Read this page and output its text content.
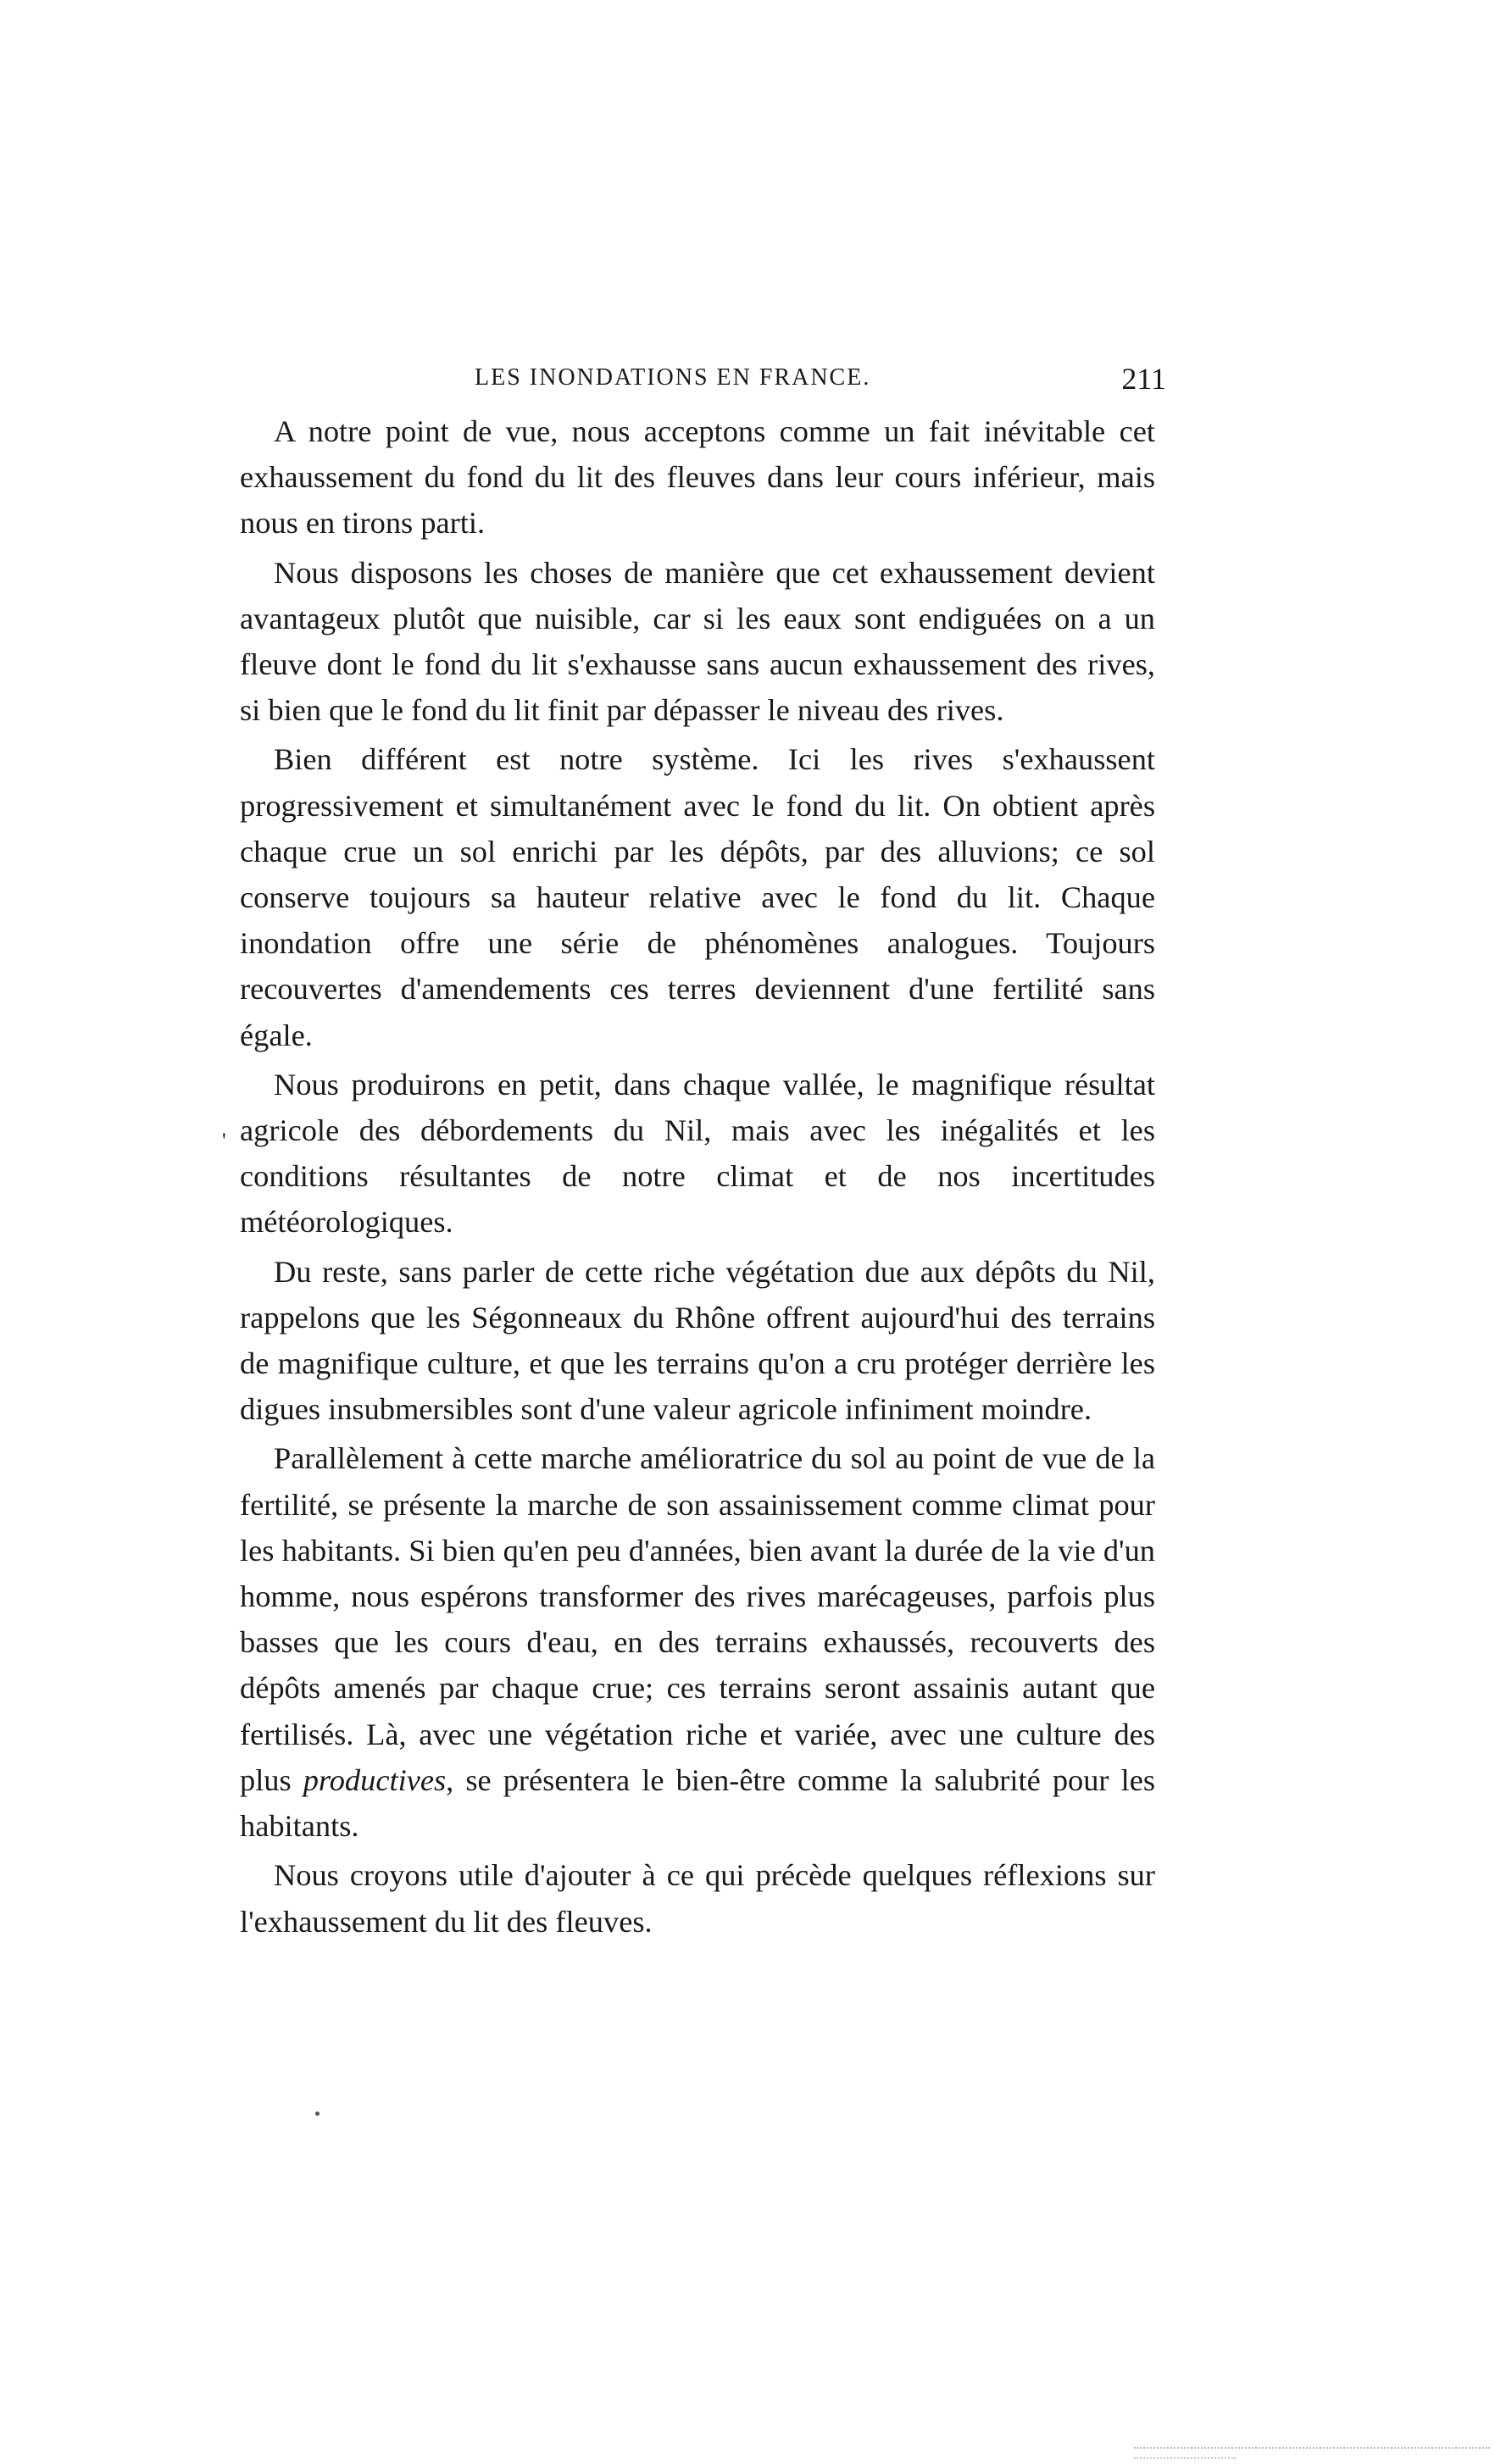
LES INONDATIONS EN FRANCE.	211
'

A notre point de vue, nous acceptons comme un fait inévitable cet exhaussement du fond du lit des fleuves dans leur cours inférieur, mais nous en tirons parti.

Nous disposons les choses de manière que cet exhaussement devient avantageux plutôt que nuisible, car si les eaux sont endiguées on a un fleuve dont le fond du lit s'exhausse sans aucun exhaussement des rives, si bien que le fond du lit finit par dépasser le niveau des rives.

Bien différent est notre système. Ici les rives s'exhaussent progressivement et simultanément avec le fond du lit. On obtient après chaque crue un sol enrichi par les dépôts, par des alluvions; ce sol conserve toujours sa hauteur relative avec le fond du lit. Chaque inondation offre une série de phénomènes analogues. Toujours recouvertes d'amendements ces terres deviennent d'une fertilité sans égale.

Nous produirons en petit, dans chaque vallée, le magnifique résultat agricole des débordements du Nil, mais avec les inégalités et les conditions résultantes de notre climat et de nos incertitudes météorologiques.

Du reste, sans parler de cette riche végétation due aux dépôts du Nil, rappelons que les Ségonneaux du Rhône offrent aujourd'hui des terrains de magnifique culture, et que les terrains qu'on a cru protéger derrière les digues insubmersibles sont d'une valeur agricole infiniment moindre.

Parallèlement à cette marche amélioratrice du sol au point de vue de la fertilité, se présente la marche de son assainissement comme climat pour les habitants. Si bien qu'en peu d'années, bien avant la durée de la vie d'un homme, nous espérons transformer des rives marécageuses, parfois plus basses que les cours d'eau, en des terrains exhaussés, recouverts des dépôts amenés par chaque crue; ces terrains seront assainis autant que fertilisés. Là, avec une végétation riche et variée, avec une culture des plus productives, se présentera le bien-être comme la salubrité pour les habitants.

Nous croyons utile d'ajouter à ce qui précède quelques réflexions sur l'exhaussement du lit des fleuves.
